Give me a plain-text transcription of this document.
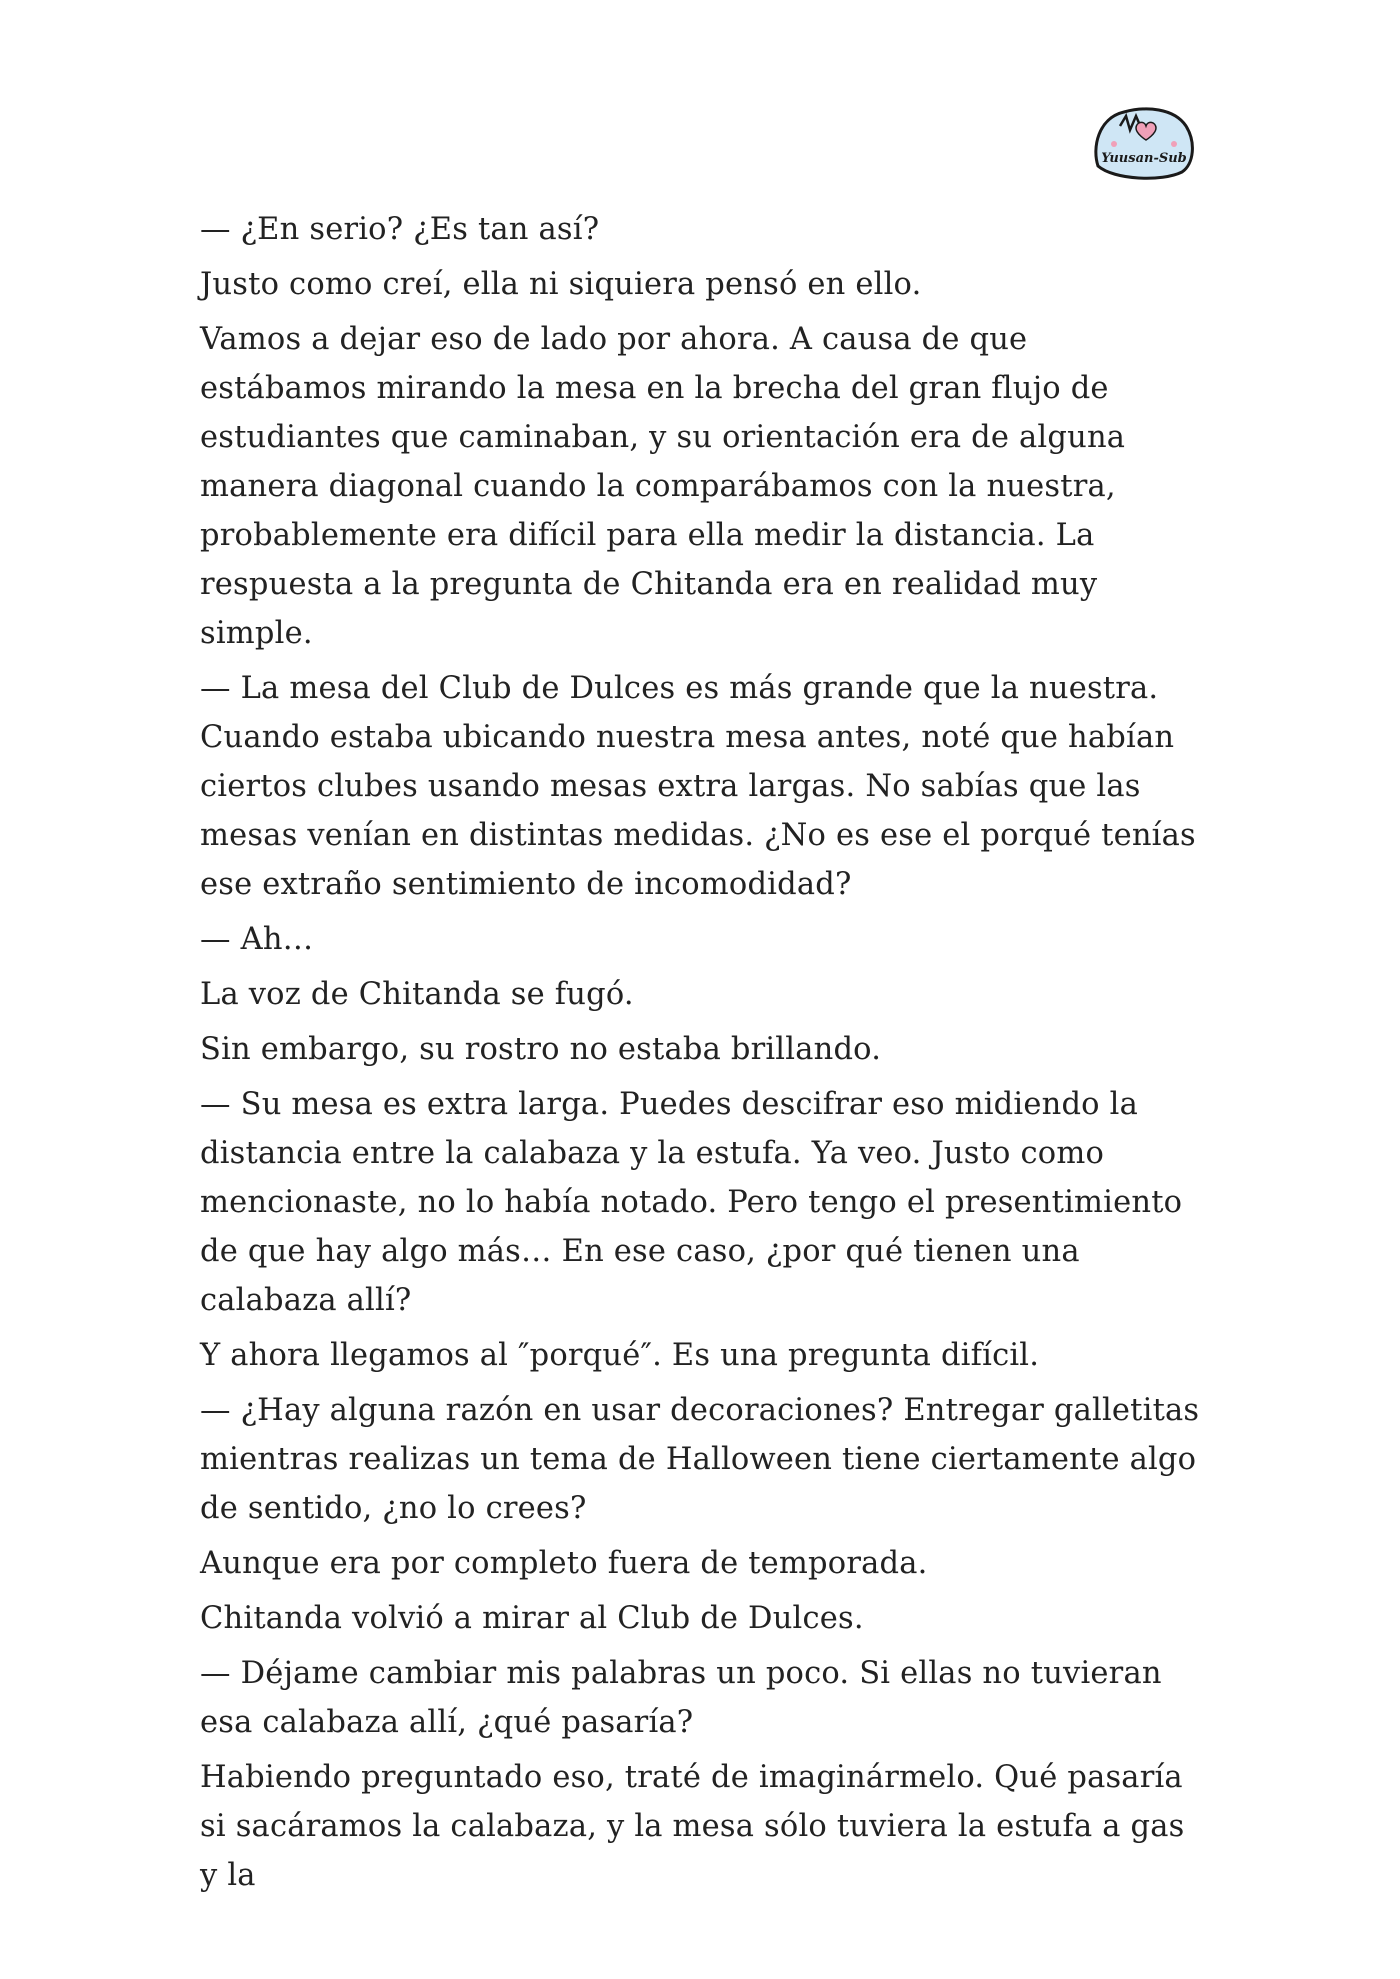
Yuusan-Sub

— ¿En serio? ¿Es tan así?

Justo como creí, ella ni siquiera pensó en ello.

Vamos a dejar eso de lado por ahora. A causa de que estábamos mirando la mesa en la brecha del gran flujo de estudiantes que caminaban, y su orientación era de alguna manera diagonal cuando la comparábamos con la nuestra, probablemente era difícil para ella medir la distancia. La respuesta a la pregunta de Chitanda era en realidad muy simple.

— La mesa del Club de Dulces es más grande que la nuestra. Cuando estaba ubicando nuestra mesa antes, noté que habían ciertos clubes usando mesas extra largas. No sabías que las mesas venían en distintas medidas. ¿No es ese el porqué tenías ese extraño sentimiento de incomodidad?

— Ah…

La voz de Chitanda se fugó.

Sin embargo, su rostro no estaba brillando.

— Su mesa es extra larga. Puedes descifrar eso midiendo la distancia entre la calabaza y la estufa. Ya veo. Justo como mencionaste, no lo había notado. Pero tengo el presentimiento de que hay algo más… En ese caso, ¿por qué tienen una calabaza allí?

Y ahora llegamos al ″porqué″. Es una pregunta difícil.

— ¿Hay alguna razón en usar decoraciones? Entregar galletitas mientras realizas un tema de Halloween tiene ciertamente algo de sentido, ¿no lo crees?

Aunque era por completo fuera de temporada.

Chitanda volvió a mirar al Club de Dulces.

— Déjame cambiar mis palabras un poco. Si ellas no tuvieran esa calabaza allí, ¿qué pasaría?

Habiendo preguntado eso, traté de imaginármelo. Qué pasaría si sacáramos la calabaza, y la mesa sólo tuviera la estufa a gas y la
